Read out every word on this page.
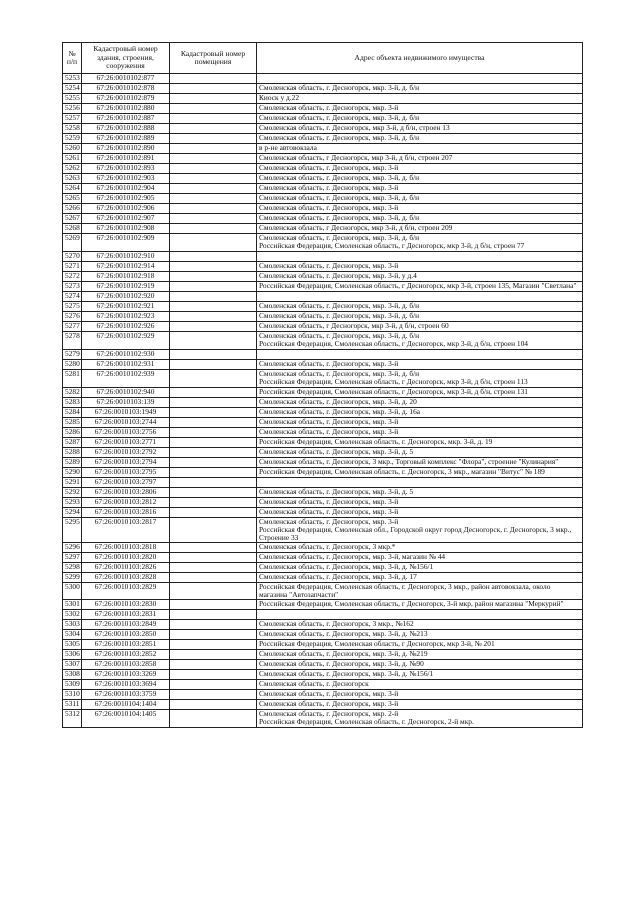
№ п/п	Кадастровый номер здания, строения, сооружения	Кадастровый номер помещения	Адрес объекта недвижимого имущества
5253	67:26:0010102:877		
5254	67:26:0010102:878		Смоленская область, г. Десногорск, мкр. 3-й, д. б/н
5255	67:26:0010102:879		Киоск у д.22
5256	67:26:0010102:880		Смоленская область, г. Десногорск, мкр. 3-й
5257	67:26:0010102:887		Смоленская область, г. Десногорск, мкр. 3-й, д. б/н
5258	67:26:0010102:888		Смоленская область, г. Десногорск, мкр 3-й, д б/н, строен 13
5259	67:26:0010102:889		Смоленская область, г. Десногорск, мкр. 3-й, д. б/н
5260	67:26:0010102:890		в р-не автовокзала
5261	67:26:0010102:891		Смоленская область, г Десногорск, мкр 3-й, д б/н, строен 207
5262	67:26:0010102:893		Смоленская область, г. Десногорск, мкр. 3-й
5263	67:26:0010102:903		Смоленская область, г. Десногорск, мкр. 3-й, д. б/н
5264	67:26:0010102:904		Смоленская область, г. Десногорск, мкр. 3-й
5265	67:26:0010102:905		Смоленская область, г. Десногорск, мкр. 3-й, д. б/н
5266	67:26:0010102:906		Смоленская область, г. Десногорск, мкр. 3-й
5267	67:26:0010102:907		Смоленская область, г. Десногорск, мкр. 3-й, д. б/н
5268	67:26:0010102:908		Смоленская область, г Десногорск, мкр 3-й, д б/н, строен 209
5269	67:26:0010102:909		Смоленская область, г. Десногорск, мкр. 3-й, д. б/н
Российская Федерация, Смоленская область, г Десногорск, мкр 3-й, д б/н, строен 77

5270	67:26:0010102:910		
5271	67:26:0010102:914		Смоленская область, г. Десногорск, мкр. 3-й
5272	67:26:0010102:918		Смоленская область, г. Десногорск, мкр. 3-й, у д.4
5273	67:26:0010102:919		Российская Федерация, Смоленская область, г Десногорск, мкр 3-й, строен 135, Магазин "Светлана"
5274	67:26:0010102:920		
5275	67:26:0010102:921		Смоленская область, г. Десногорск, мкр. 3-й, д. б/н
5276	67:26:0010102:923		Смоленская область, г. Десногорск, мкр. 3-й, д. б/н
5277	67:26:0010102:926		Смоленская область, г Десногорск, мкр 3-й, д б/н, строен 60
5278	67:26:0010102:929		Смоленская область, г. Десногорск, мкр. 3-й, д. б/н
Российская Федерация, Смоленская область, г Десногорск, мкр 3-й, д б/н, строен 104

5279	67:26:0010102:930		
5280	67:26:0010102:931		Смоленская область, г. Десногорск, мкр. 3-й
5281	67:26:0010102:939		Смоленская область, г. Десногорск, мкр. 3-й, д. б/н
Российская Федерация, Смоленская область, г Десногорск, мкр 3-й, д б/н, строен 113

5282	67:26:0010102:940		Российская Федерация, Смоленская область, г Десногорск, мкр 3-й, д б/н, строен 131
5283	67:26:0010103:139		Смоленская область, г. Десногорск, мкр. 3-й, д. 20
5284	67:26:0010103:1949		Смоленская область, г. Десногорск, мкр. 3-й, д. 16а
5285	67:26:0010103:2744		Смоленская область, г. Десногорск, мкр. 3-й
5286	67:26:0010103:2756		Смоленская область, г. Десногорск, мкр. 3-й
5287	67:26:0010103:2771		Российская Федерация, Смоленская область, г. Десногорск, мкр. 3-й, д. 19
5288	67:26:0010103:2792		Смоленская область, г. Десногорск, мкр. 3-й, д. 5
5289	67:26:0010103:2794		Смоленская область, г. Десногорск, 3 мкр., Торговый комплекс "Флора", строение "Кулинария"
5290	67:26:0010103:2795		Российская Федерация, Смоленская область, г. Десногорск, 3 мкр., магазин "Витус" № 189
5291	67:26:0010103:2797		
5292	67:26:0010103:2806		Смоленская область, г. Десногорск, мкр. 3-й, д. 5
5293	67:26:0010103:2812		Смоленская область, г. Десногорск, мкр. 3-й
5294	67:26:0010103:2816		Смоленская область, г. Десногорск, мкр. 3-й
5295	67:26:0010103:2817		Смоленская область, г. Десногорск, мкр. 3-й
Российская Федерация, Смоленская обл., Городской округ город Десногорск, г. Десногорск, 3 мкр., Строение 33

5296	67:26:0010103:2818		Смоленская область, г. Десногорск, 3 мкр.*
5297	67:26:0010103:2820		Смоленская область, г. Десногорск, мкр. 3-й, магазин № 44
5298	67:26:0010103:2826		Смоленская область, г. Десногорск, мкр. 3-й, д. №156/1
5299	67:26:0010103:2828		Смоленская область, г. Десногорск, мкр. 3-й, д. 17
5300	67:26:0010103:2829		Российская Федерация, Смоленская область, г. Десногорск, 3 мкр., район автовокзала, около магазина "Автозапчасти"
5301	67:26:0010103:2830		Российская Федерация, Смоленская область, г Десногорск, 3-й мкр, район магазина "Меркурий"
5302	67:26:0010103:2831		
5303	67:26:0010103:2849		Смоленская область, г. Десногорск, 3 мкр., №162
5304	67:26:0010103:2850		Смоленская область, г. Десногорск, мкр. 3-й, д. №213
5305	67:26:0010103:2851		Российская Федерация, Смоленская область, г Десногорск, мкр 3-й, № 201
5306	67:26:0010103:2852		Смоленская область, г. Десногорск, мкр. 3-й, д. №219
5307	67:26:0010103:2858		Смоленская область, г. Десногорск, мкр. 3-й, д. №90
5308	67:26:0010103:3269		Смоленская область, г. Десногорск, мкр. 3-й, д. №156/1
5309	67:26:0010103:3694		Смоленская область, г. Десногорск
5310	67:26:0010103:3759		Смоленская область, г. Десногорск, мкр. 3-й
5311	67:26:0010104:1404		Смоленская область, г. Десногорск, мкр. 3-й
5312	67:26:0010104:1405		Смоленская область, г. Десногорск, мкр. 2-й
Российская Федерация, Смоленская область, г. Десногорск, 2-й мкр.
